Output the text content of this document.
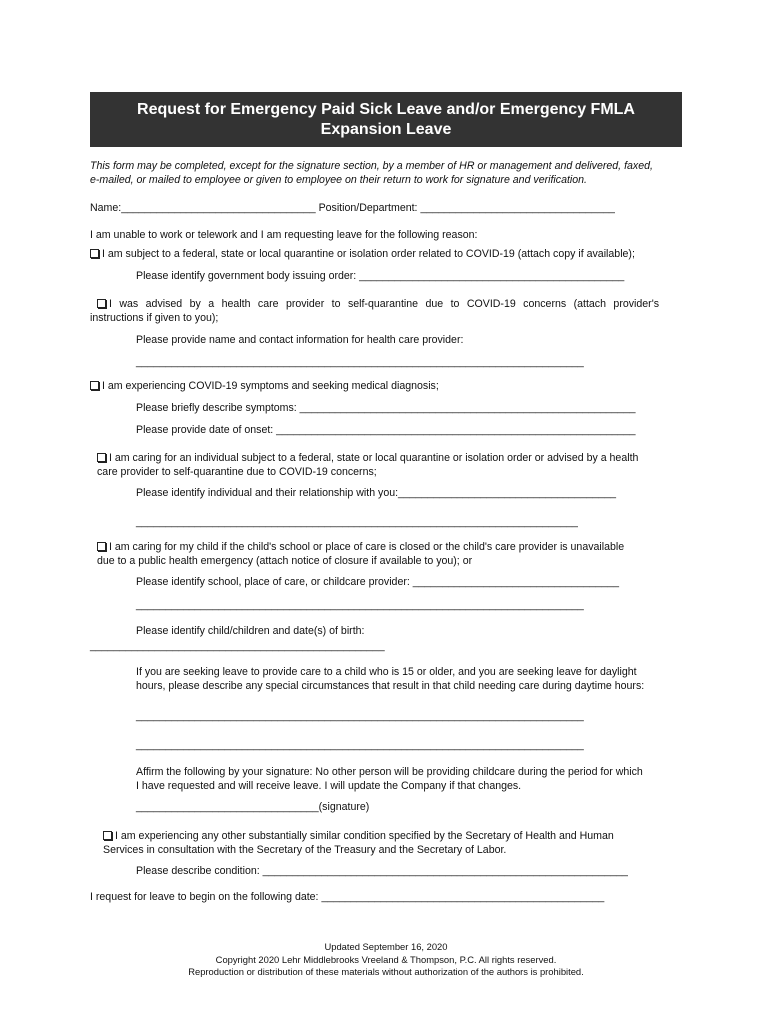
Request for Emergency Paid Sick Leave and/or Emergency FMLA
Expansion Leave
This form may be completed, except for the signature section, by a member of HR or management and delivered, faxed,
e-mailed, or mailed to employee or given to employee on their return to work for signature and verification.
Name:_________________________________ Position/Department: _________________________________
I am unable to work or telework and I am requesting leave for the following reason:
I am subject to a federal, state or local quarantine or isolation order related to COVID-19 (attach copy if available);
Please identify government body issuing order: _____________________________________________
I was advised by a health care provider to self-quarantine due to COVID-19 concerns (attach provider's
instructions if given to you);
Please provide name and contact information for health care provider:
____________________________________________________________________________
I am experiencing COVID-19 symptoms and seeking medical diagnosis;
Please briefly describe symptoms: _________________________________________________________
Please provide date of onset: _____________________________________________________________
I am caring for an individual subject to a federal, state or local quarantine or isolation order or advised by a health
care provider to self-quarantine due to COVID-19 concerns;
Please identify individual and their relationship with you:_____________________________________
___________________________________________________________________________
I am caring for my child if the child's school or place of care is closed or the child's care provider is unavailable
due to a public health emergency (attach notice of closure if available to you); or
Please identify school, place of care, or childcare provider: ___________________________________
____________________________________________________________________________
Please identify child/children and date(s) of birth:
__________________________________________________
If you are seeking leave to provide care to a child who is 15 or older, and you are seeking leave for daylight
hours, please describe any special circumstances that result in that child needing care during daytime hours:
____________________________________________________________________________
____________________________________________________________________________
Affirm the following by your signature: No other person will be providing childcare during the period for which
I have requested and will receive leave. I will update the Company if that changes.
_______________________________(signature)
I am experiencing any other substantially similar condition specified by the Secretary of Health and Human
Services in consultation with the Secretary of the Treasury and the Secretary of Labor.
Please describe condition: ______________________________________________________________
I request for leave to begin on the following date: ________________________________________________
Updated September 16, 2020
Copyright 2020 Lehr Middlebrooks Vreeland & Thompson, P.C. All rights reserved.
Reproduction or distribution of these materials without authorization of the authors is prohibited.
